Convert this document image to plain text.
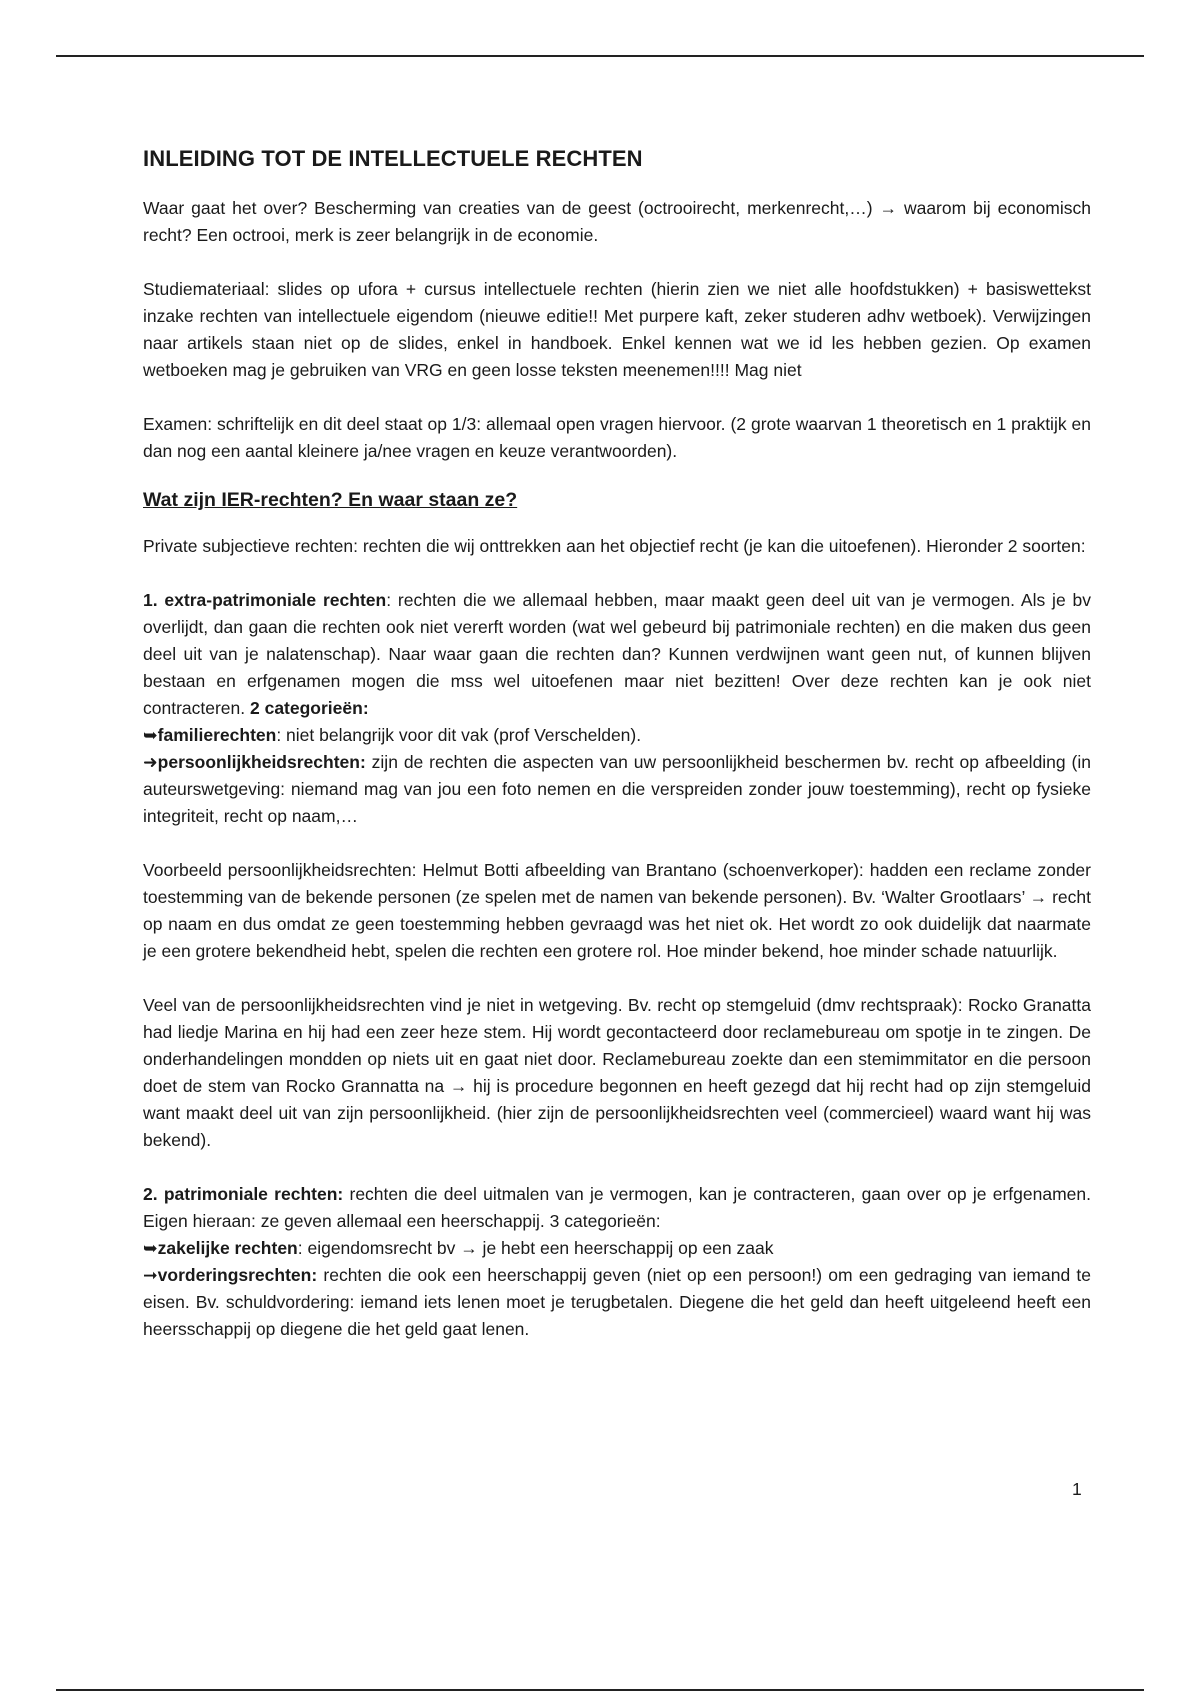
INLEIDING TOT DE INTELLECTUELE RECHTEN

Waar gaat het over? Bescherming van creaties van de geest (octrooirecht, merkenrecht,…) → waarom bij economisch recht? Een octrooi, merk is zeer belangrijk in de economie.

Studiemateriaal: slides op ufora + cursus intellectuele rechten (hierin zien we niet alle hoofdstukken) + basiswettekst inzake rechten van intellectuele eigendom (nieuwe editie!! Met purpere kaft, zeker studeren adhv wetboek). Verwijzingen naar artikels staan niet op de slides, enkel in handboek. Enkel kennen wat we id les hebben gezien. Op examen wetboeken mag je gebruiken van VRG en geen losse teksten meenemen!!!! Mag niet

Examen: schriftelijk en dit deel staat op 1/3: allemaal open vragen hiervoor. (2 grote waarvan 1 theoretisch en 1 praktijk en dan nog een aantal kleinere ja/nee vragen en keuze verantwoorden).

Wat zijn IER-rechten? En waar staan ze?

Private subjectieve rechten: rechten die wij onttrekken aan het objectief recht (je kan die uitoefenen). Hieronder 2 soorten:

1. extra-patrimoniale rechten: rechten die we allemaal hebben, maar maakt geen deel uit van je vermogen. Als je bv overlijdt, dan gaan die rechten ook niet vererft worden (wat wel gebeurd bij patrimoniale rechten) en die maken dus geen deel uit van je nalatenschap). Naar waar gaan die rechten dan? Kunnen verdwijnen want geen nut, of kunnen blijven bestaan en erfgenamen mogen die mss wel uitoefenen maar niet bezitten! Over deze rechten kan je ook niet contracteren. 2 categorieën:

➥familierechten: niet belangrijk voor dit vak (prof Verschelden).

➜persoonlijkheidsrechten: zijn de rechten die aspecten van uw persoonlijkheid beschermen bv. recht op afbeelding (in auteurswetgeving: niemand mag van jou een foto nemen en die verspreiden zonder jouw toestemming), recht op fysieke integriteit, recht op naam,…

Voorbeeld persoonlijkheidsrechten: Helmut Botti afbeelding van Brantano (schoenverkoper): hadden een reclame zonder toestemming van de bekende personen (ze spelen met de namen van bekende personen). Bv. ‘Walter Grootlaars’ → recht op naam en dus omdat ze geen toestemming hebben gevraagd was het niet ok. Het wordt zo ook duidelijk dat naarmate je een grotere bekendheid hebt, spelen die rechten een grotere rol. Hoe minder bekend, hoe minder schade natuurlijk.

Veel van de persoonlijkheidsrechten vind je niet in wetgeving. Bv. recht op stemgeluid (dmv rechtspraak): Rocko Granatta had liedje Marina en hij had een zeer heze stem. Hij wordt gecontacteerd door reclamebureau om spotje in te zingen. De onderhandelingen mondden op niets uit en gaat niet door. Reclamebureau zoekte dan een stemimmitator en die persoon doet de stem van Rocko Grannatta na → hij is procedure begonnen en heeft gezegd dat hij recht had op zijn stemgeluid want maakt deel uit van zijn persoonlijkheid. (hier zijn de persoonlijkheidsrechten veel (commercieel) waard want hij was bekend).

2. patrimoniale rechten: rechten die deel uitmalen van je vermogen, kan je contracteren, gaan over op je erfgenamen. Eigen hieraan: ze geven allemaal een heerschappij. 3 categorieën:

➥zakelijke rechten: eigendomsrecht bv → je hebt een heerschappij op een zaak

➞vorderingsrechten: rechten die ook een heerschappij geven (niet op een persoon!) om een gedraging van iemand te eisen. Bv. schuldvordering: iemand iets lenen moet je terugbetalen. Diegene die het geld dan heeft uitgeleend heeft een heersschappij op diegene die het geld gaat lenen.

1
